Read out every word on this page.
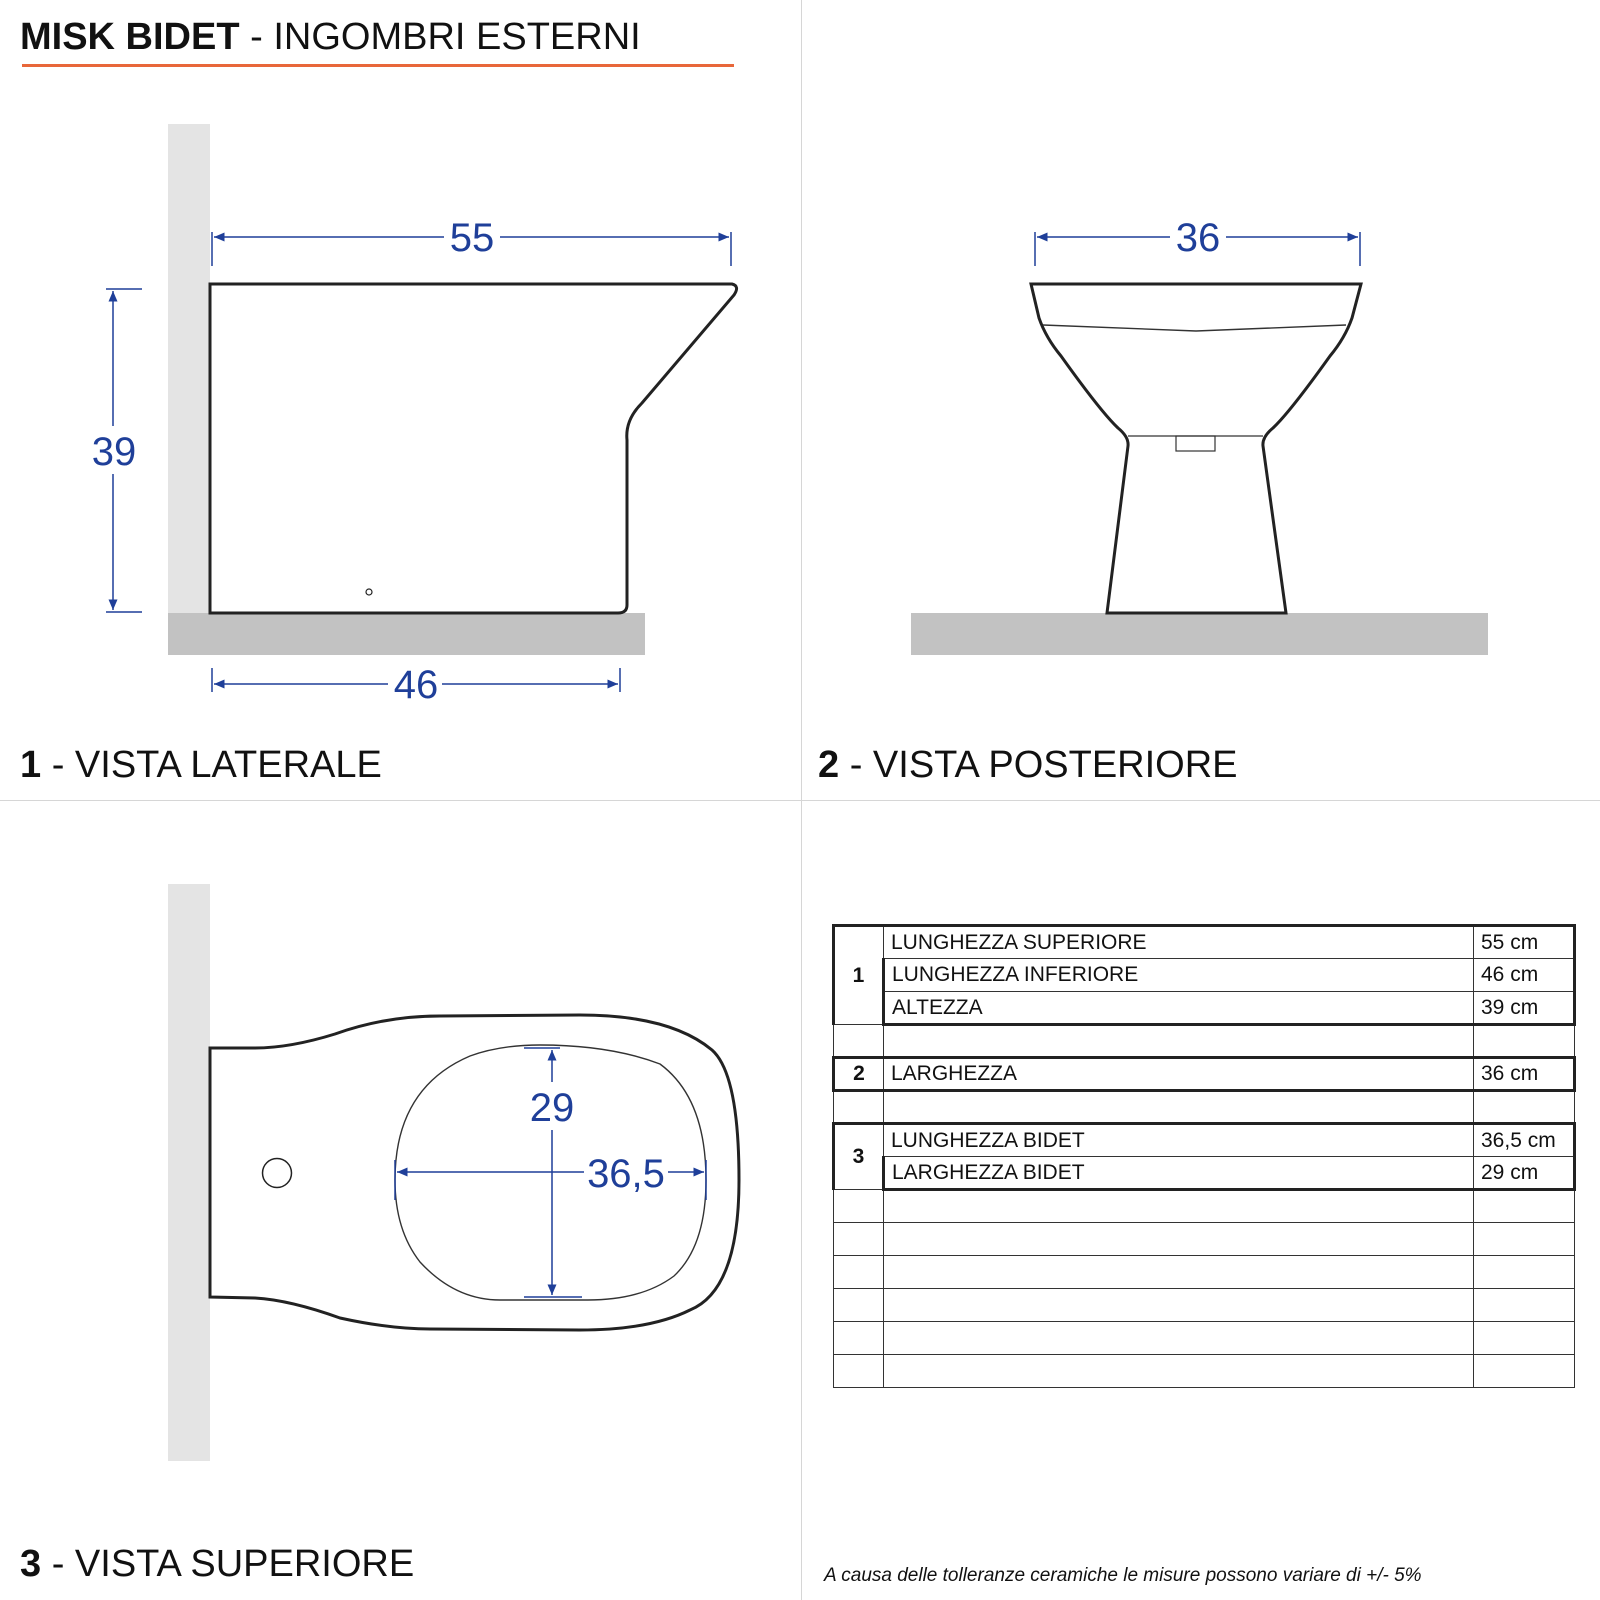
MISK BIDET - INGOMBRI ESTERNI
55
46
39
36
29
36,5
1 - VISTA LATERALE	2 - VISTA POSTERIORE
3 - VISTA SUPERIORE
1	LUNGHEZZA SUPERIORE	55 cm
	LUNGHEZZA INFERIORE	46 cm
	ALTEZZA	39 cm

2	LARGHEZZA	36 cm

3	LUNGHEZZA BIDET	36,5 cm
	LARGHEZZA BIDET	29 cm

A causa delle tolleranze ceramiche le misure possono variare di +/- 5%
